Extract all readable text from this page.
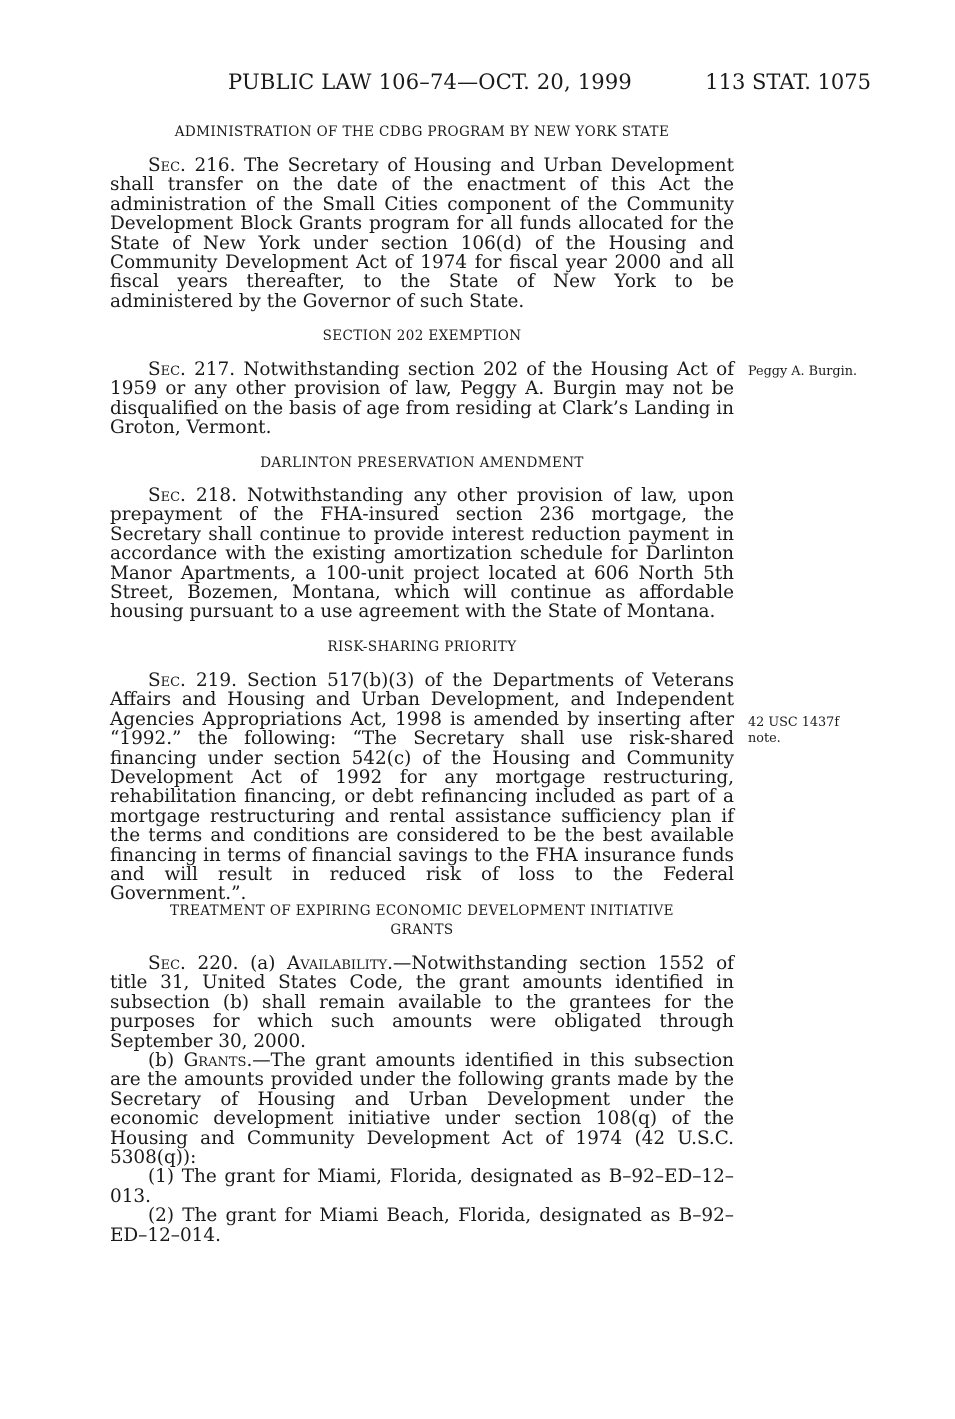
PUBLIC LAW 106–74—OCT. 20, 1999	113 STAT. 1075

ADMINISTRATION OF THE CDBG PROGRAM BY NEW YORK STATE

Sec. 216. The Secretary of Housing and Urban Development shall transfer on the date of the enactment of this Act the administration of the Small Cities component of the Community Development Block Grants program for all funds allocated for the State of New York under section 106(d) of the Housing and Community Development Act of 1974 for fiscal year 2000 and all fiscal years thereafter, to the State of New York to be administered by the Governor of such State.

SECTION 202 EXEMPTION

Sec. 217. Notwithstanding section 202 of the Housing Act of 1959 or any other provision of law, Peggy A. Burgin may not be disqualified on the basis of age from residing at Clark’s Landing in Groton, Vermont.

Peggy A. Burgin.

DARLINTON PRESERVATION AMENDMENT

Sec. 218. Notwithstanding any other provision of law, upon prepayment of the FHA-insured section 236 mortgage, the Secretary shall continue to provide interest reduction payment in accordance with the existing amortization schedule for Darlinton Manor Apartments, a 100-unit project located at 606 North 5th Street, Bozemen, Montana, which will continue as affordable housing pursuant to a use agreement with the State of Montana.

RISK-SHARING PRIORITY

Sec. 219. Section 517(b)(3) of the Departments of Veterans Affairs and Housing and Urban Development, and Independent Agencies Appropriations Act, 1998 is amended by inserting after “1992.” the following: “The Secretary shall use risk-shared financing under section 542(c) of the Housing and Community Development Act of 1992 for any mortgage restructuring, rehabilitation financing, or debt refinancing included as part of a mortgage restructuring and rental assistance sufficiency plan if the terms and conditions are considered to be the best available financing in terms of financial savings to the FHA insurance funds and will result in reduced risk of loss to the Federal Government.”.

42 USC 1437f
note.

TREATMENT OF EXPIRING ECONOMIC DEVELOPMENT INITIATIVE GRANTS

Sec. 220. (a) Availability.—Notwithstanding section 1552 of title 31, United States Code, the grant amounts identified in subsection (b) shall remain available to the grantees for the purposes for which such amounts were obligated through September 30, 2000.

(b) Grants.—The grant amounts identified in this subsection are the amounts provided under the following grants made by the Secretary of Housing and Urban Development under the economic development initiative under section 108(q) of the Housing and Community Development Act of 1974 (42 U.S.C. 5308(q)):

(1) The grant for Miami, Florida, designated as B–92–ED–12–013.

(2) The grant for Miami Beach, Florida, designated as B–92–ED–12–014.
